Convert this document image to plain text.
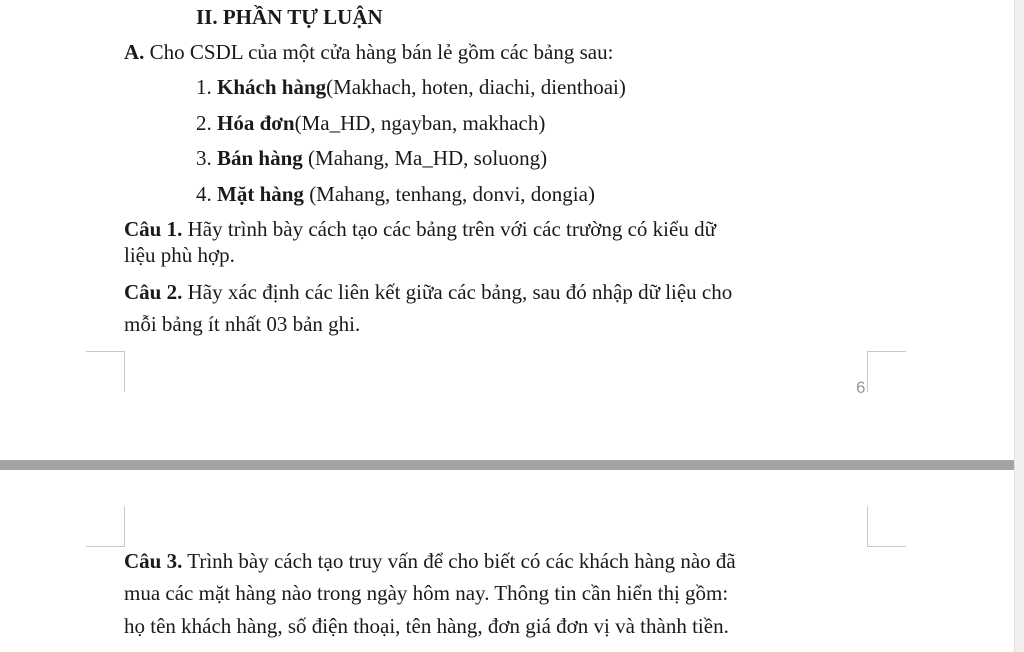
II. PHẦN TỰ LUẬN
A. Cho CSDL của một cửa hàng bán lẻ gồm các bảng sau:
1. Khách hàng(Makhach, hoten, diachi, dienthoai)
2. Hóa đơn(Ma_HD, ngayban, makhach)
3. Bán hàng (Mahang, Ma_HD, soluong)
4. Mặt hàng (Mahang, tenhang, donvi, dongia)
Câu 1. Hãy trình bày cách tạo các bảng trên với các trường có kiểu dữ
liệu phù hợp.
Câu 2. Hãy xác định các liên kết giữa các bảng, sau đó nhập dữ liệu cho
mỗi bảng ít nhất 03 bản ghi.
6
Câu 3. Trình bày cách tạo truy vấn để cho biết có các khách hàng nào đã
mua các mặt hàng nào trong ngày hôm nay. Thông tin cần hiển thị gồm:
họ tên khách hàng, số điện thoại, tên hàng, đơn giá đơn vị và thành tiền.
